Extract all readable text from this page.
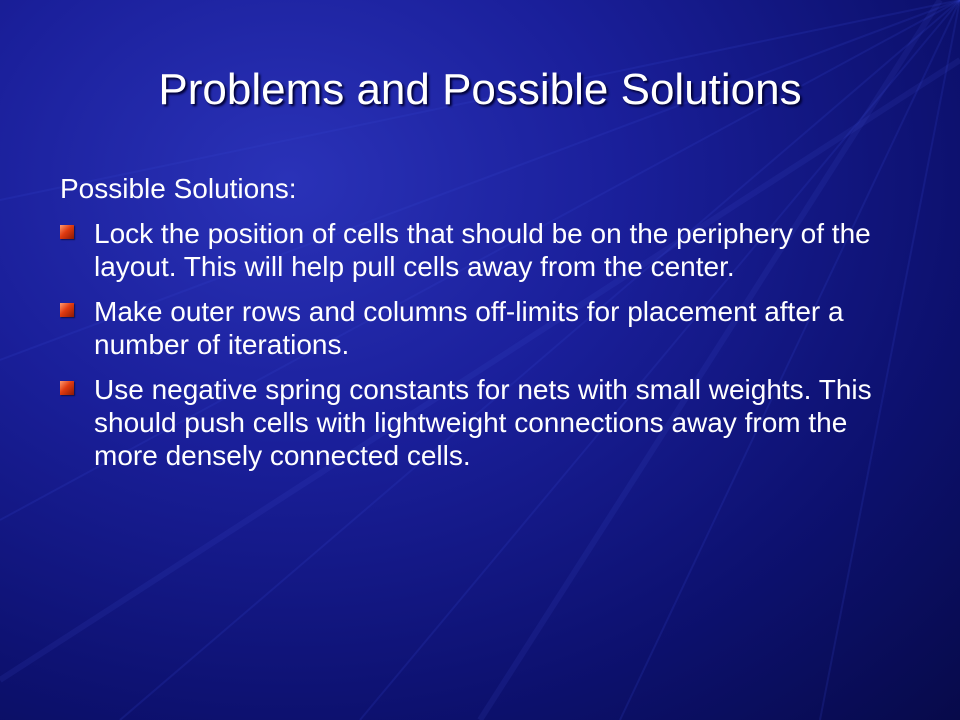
Problems and Possible Solutions
Possible Solutions:
Lock the position of cells that should be on the periphery of the layout. This will help pull cells away from the center.
Make outer rows and columns off-limits for placement after a number of iterations.
Use negative spring constants for nets with small weights. This should push cells with lightweight connections away from the more densely connected cells.
